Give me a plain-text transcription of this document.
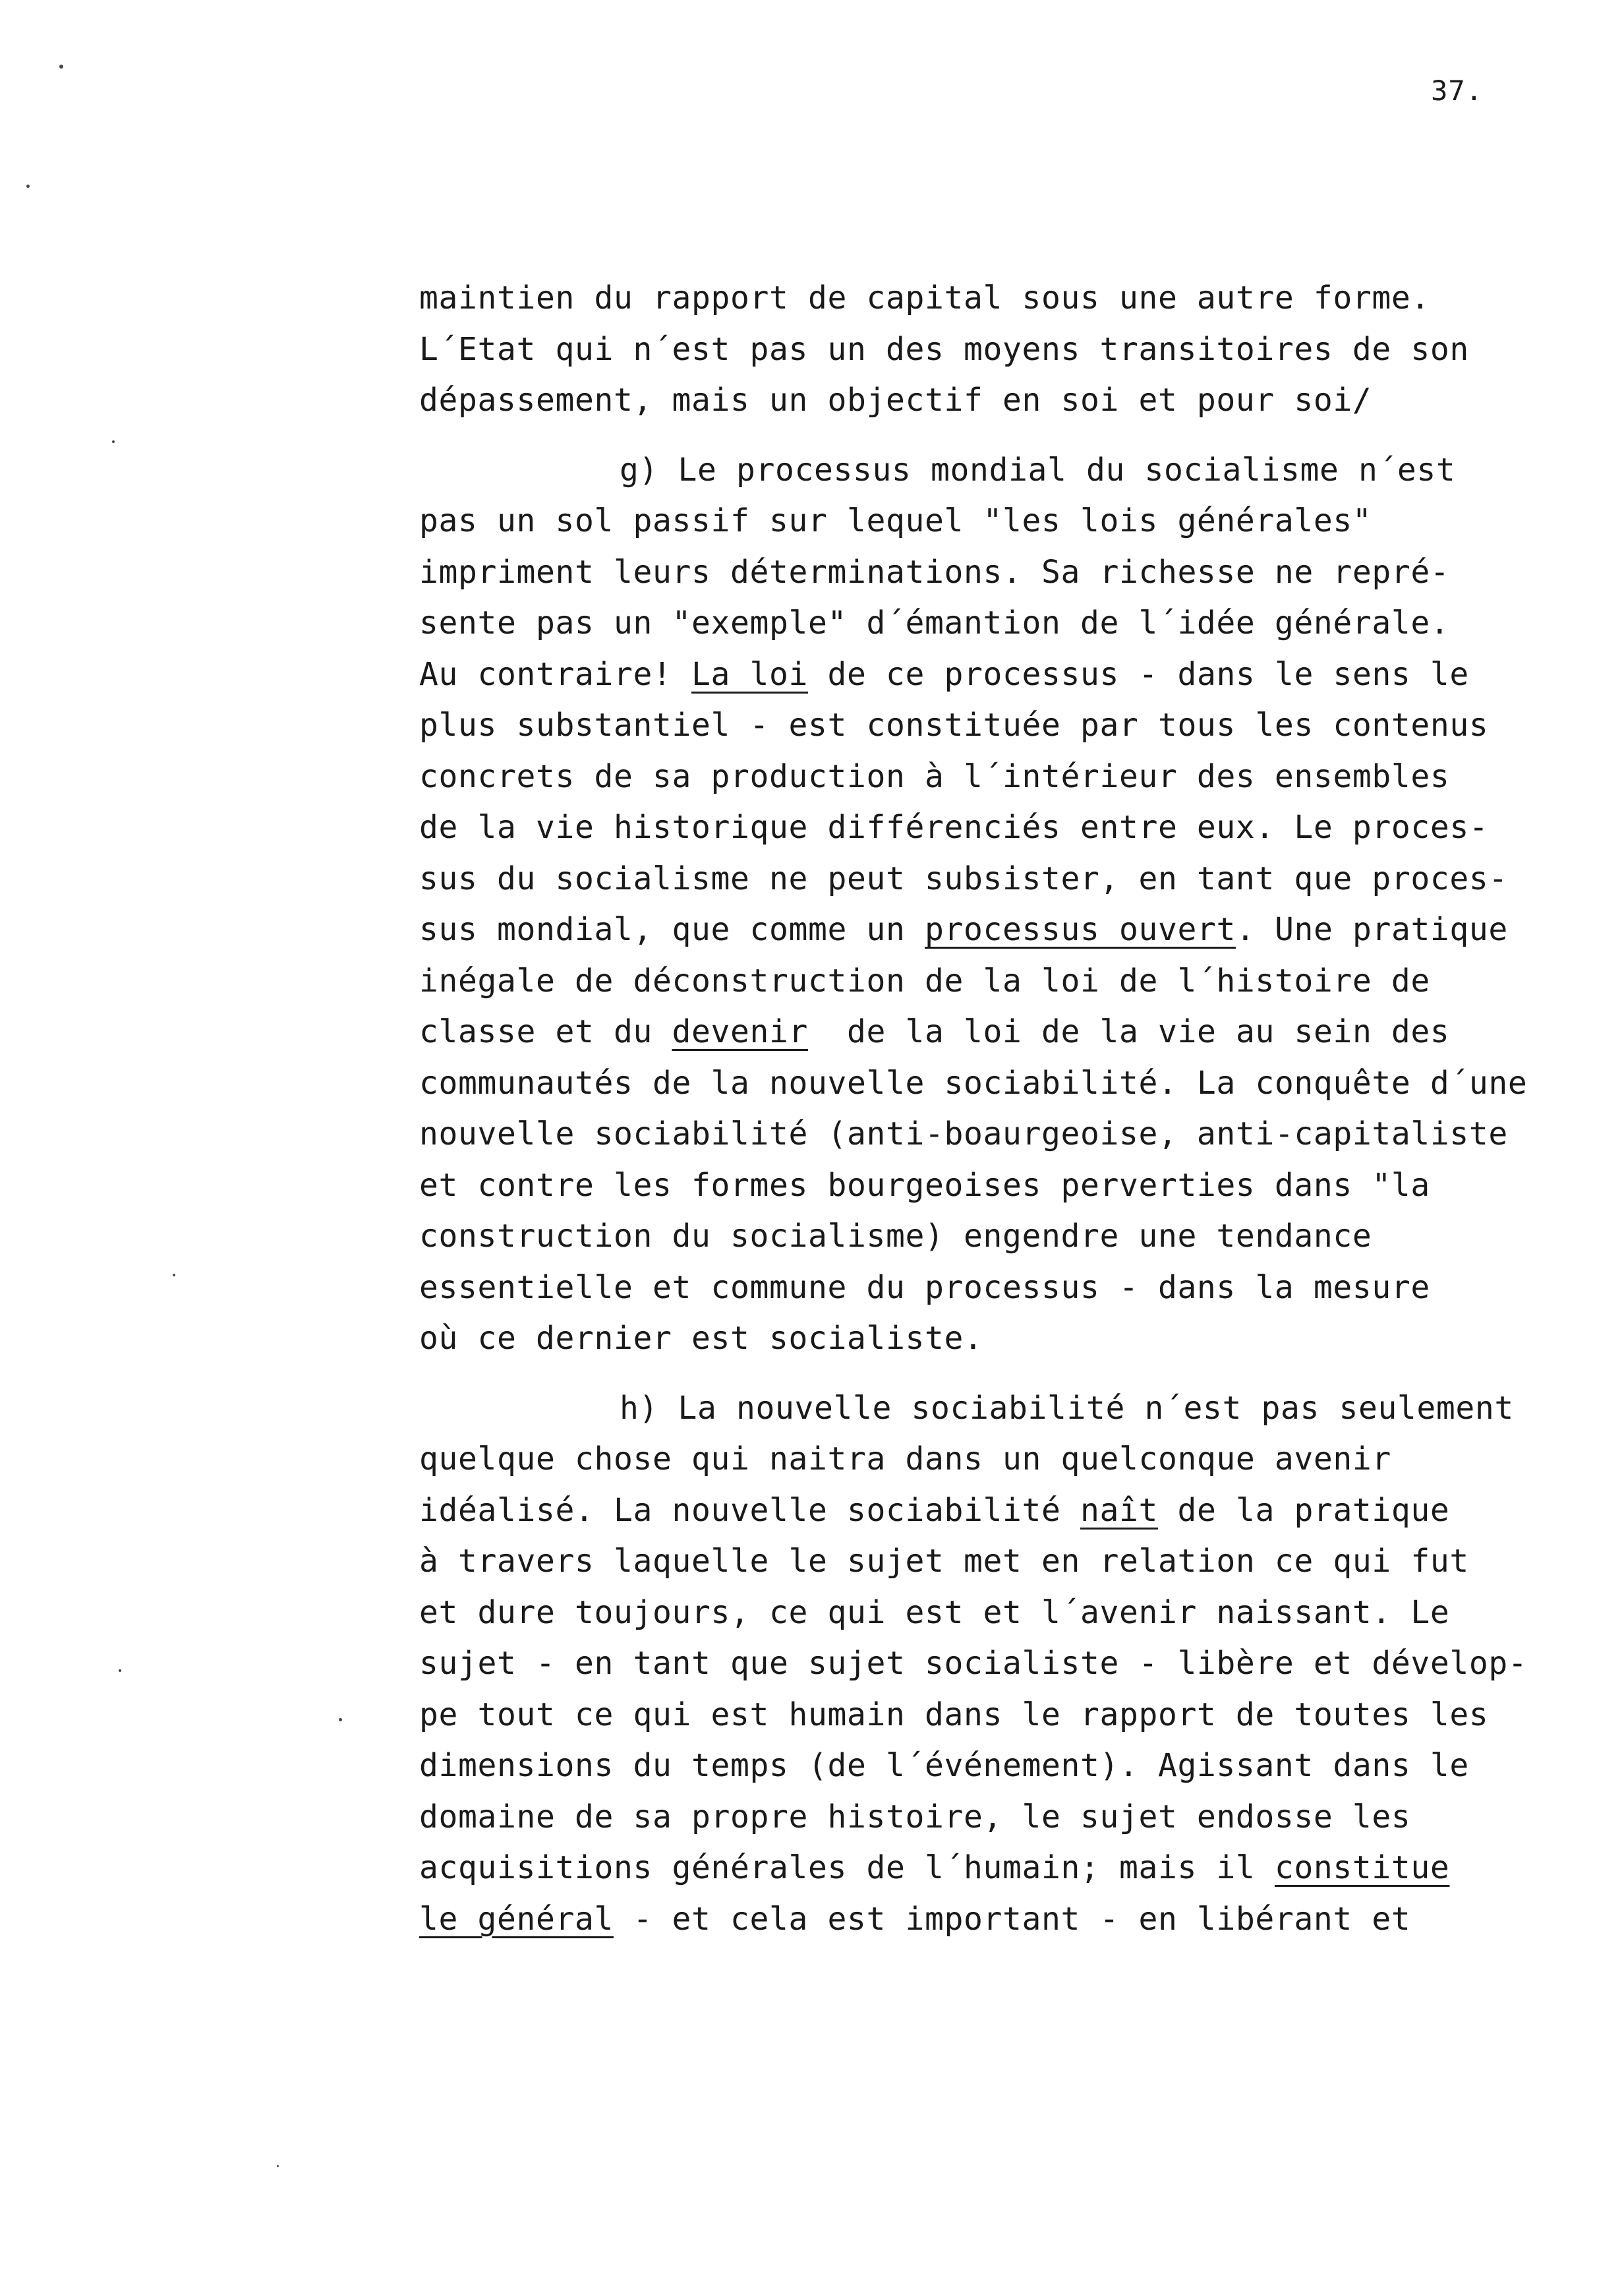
37.
maintien du rapport de capital sous une autre forme.
L´Etat qui n´est pas un des moyens transitoires de son
dépassement, mais un objectif en soi et pour soi/
g) Le processus mondial du socialisme n´est
pas un sol passif sur lequel "les lois générales"
impriment leurs déterminations. Sa richesse ne repré-
sente pas un "exemple" d´émantion de l´idée générale.
Au contraire! La loi de ce processus - dans le sens le
plus substantiel - est constituée par tous les contenus
concrets de sa production à l´intérieur des ensembles
de la vie historique différenciés entre eux. Le proces-
sus du socialisme ne peut subsister, en tant que proces-
sus mondial, que comme un processus ouvert. Une pratique
inégale de déconstruction de la loi de l´histoire de
classe et du devenir  de la loi de la vie au sein des
communautés de la nouvelle sociabilité. La conquête d´une
nouvelle sociabilité (anti-boaurgeoise, anti-capitaliste
et contre les formes bourgeoises perverties dans "la
construction du socialisme) engendre une tendance
essentielle et commune du processus - dans la mesure
où ce dernier est socialiste.
h) La nouvelle sociabilité n´est pas seulement
quelque chose qui naitra dans un quelconque avenir
idéalisé. La nouvelle sociabilité naît de la pratique
à travers laquelle le sujet met en relation ce qui fut
et dure toujours, ce qui est et l´avenir naissant. Le
sujet - en tant que sujet socialiste - libère et dévelop-
pe tout ce qui est humain dans le rapport de toutes les
dimensions du temps (de l´événement). Agissant dans le
domaine de sa propre histoire, le sujet endosse les
acquisitions générales de l´humain; mais il constitue
le général - et cela est important - en libérant et
